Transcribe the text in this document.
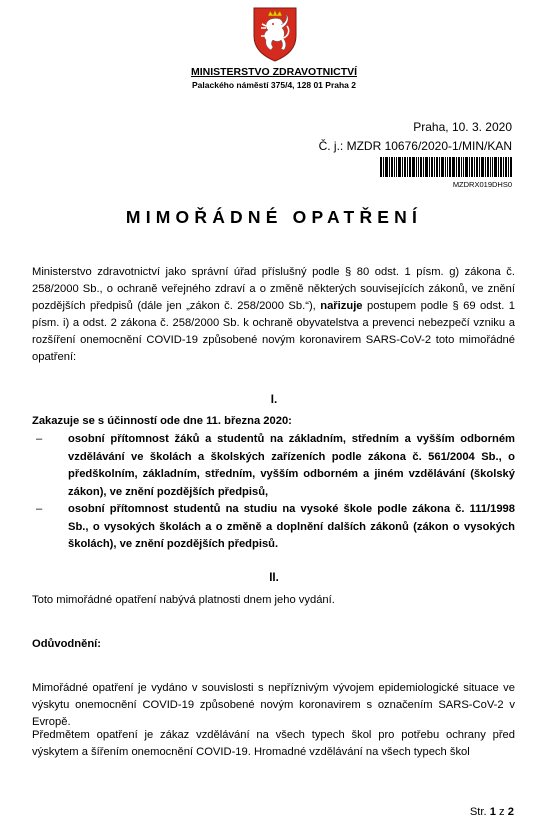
MINISTERSTVO ZDRAVOTNICTVÍ
Palackého náměstí 375/4, 128 01 Praha 2
Praha, 10. 3. 2020
Č. j.: MZDR 10676/2020-1/MIN/KAN
MZDRX019DHS0
MIMOŘÁDNÉ OPATŘENÍ
Ministerstvo zdravotnictví jako správní úřad příslušný podle § 80 odst. 1 písm. g) zákona č. 258/2000 Sb., o ochraně veřejného zdraví a o změně některých souvisejících zákonů, ve znění pozdějších předpisů (dále jen „zákon č. 258/2000 Sb.“), nařizuje postupem podle § 69 odst. 1 písm. i) a odst. 2 zákona č. 258/2000 Sb. k ochraně obyvatelstva a prevenci nebezpečí vzniku a rozšíření onemocnění COVID-19 způsobené novým koronavirem SARS-CoV-2 toto mimořádné opatření:
I.
Zakazuje se s účinností ode dne 11. března 2020:
– osobní přítomnost žáků a studentů na základním, středním a vyšším odborném vzdělávání ve školách a školských zařízeních podle zákona č. 561/2004 Sb., o předškolním, základním, středním, vyšším odborném a jiném vzdělávání (školský zákon), ve znění pozdějších předpisů,
– osobní přítomnost studentů na studiu na vysoké škole podle zákona č. 111/1998 Sb., o vysokých školách a o změně a doplnění dalších zákonů (zákon o vysokých školách), ve znění pozdějších předpisů.
II.
Toto mimořádné opatření nabývá platnosti dnem jeho vydání.
Odůvodnění:
Mimořádné opatření je vydáno v souvislosti s nepříznivým vývojem epidemiologické situace ve výskytu onemocnění COVID-19 způsobené novým koronavirem s označením SARS-CoV-2 v Evropě.
Předmětem opatření je zákaz vzdělávání na všech typech škol pro potřebu ochrany před výskytem a šířením onemocnění COVID-19. Hromadné vzdělávání na všech typech škol
Str. 1 z 2
